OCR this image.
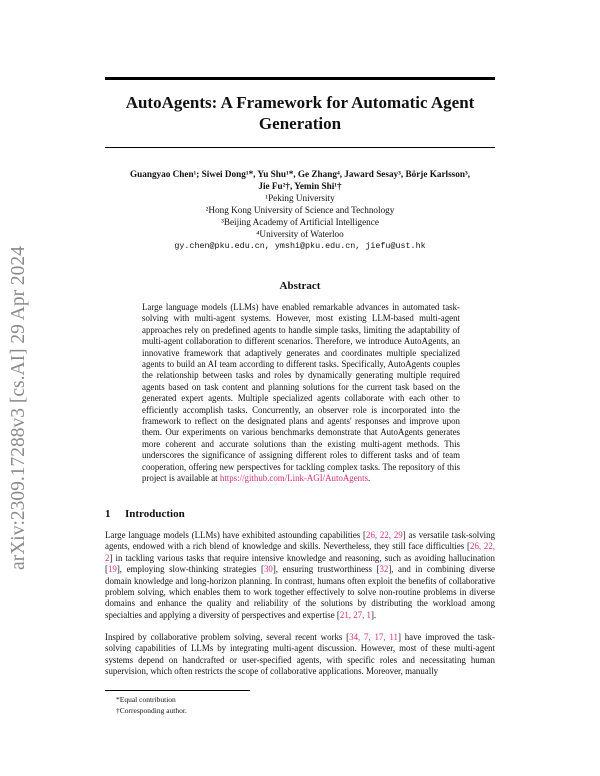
arXiv:2309.17288v3 [cs.AI] 29 Apr 2024
AutoAgents: A Framework for Automatic Agent Generation
Guangyao Chen¹; Siwei Dong¹*, Yu Shu¹*, Ge Zhang⁴, Jaward Sesay³, Börje Karlsson³,
Jie Fu²†, Yemin Shi¹†
¹Peking University
²Hong Kong University of Science and Technology
³Beijing Academy of Artificial Intelligence
⁴University of Waterloo
gy.chen@pku.edu.cn, ymshi@pku.edu.cn, jiefu@ust.hk
Abstract
Large language models (LLMs) have enabled remarkable advances in automated task-solving with multi-agent systems. However, most existing LLM-based multi-agent approaches rely on predefined agents to handle simple tasks, limiting the adaptability of multi-agent collaboration to different scenarios. Therefore, we introduce AutoAgents, an innovative framework that adaptively generates and coordinates multiple specialized agents to build an AI team according to different tasks. Specifically, AutoAgents couples the relationship between tasks and roles by dynamically generating multiple required agents based on task content and planning solutions for the current task based on the generated expert agents. Multiple specialized agents collaborate with each other to efficiently accomplish tasks. Concurrently, an observer role is incorporated into the framework to reflect on the designated plans and agents' responses and improve upon them. Our experiments on various benchmarks demonstrate that AutoAgents generates more coherent and accurate solutions than the existing multi-agent methods. This underscores the significance of assigning different roles to different tasks and of team cooperation, offering new perspectives for tackling complex tasks. The repository of this project is available at https://github.com/Link-AGI/AutoAgents.
1 Introduction
Large language models (LLMs) have exhibited astounding capabilities [26, 22, 29] as versatile task-solving agents, endowed with a rich blend of knowledge and skills. Nevertheless, they still face difficulties [26, 22, 2] in tackling various tasks that require intensive knowledge and reasoning, such as avoiding hallucination [19], employing slow-thinking strategies [30], ensuring trustworthiness [32], and in combining diverse domain knowledge and long-horizon planning. In contrast, humans often exploit the benefits of collaborative problem solving, which enables them to work together effectively to solve non-routine problems in diverse domains and enhance the quality and reliability of the solutions by distributing the workload among specialties and applying a diversity of perspectives and expertise [21, 27, 1].
Inspired by collaborative problem solving, several recent works [34, 7, 17, 11] have improved the task-solving capabilities of LLMs by integrating multi-agent discussion. However, most of these multi-agent systems depend on handcrafted or user-specified agents, with specific roles and necessitating human supervision, which often restricts the scope of collaborative applications. Moreover, manually
*Equal contribution
†Corresponding author.
